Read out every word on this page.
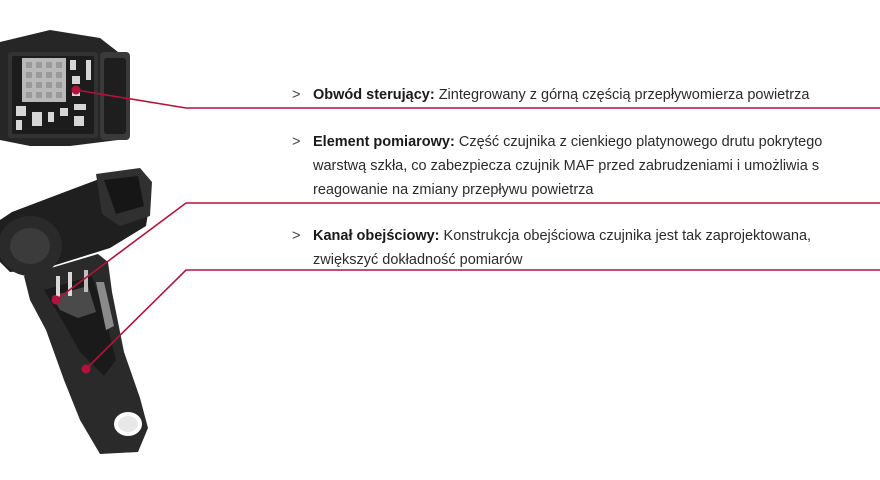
> Obwód sterujący: Zintegrowany z górną częścią przepływomierza powietrza
> Element pomiarowy: Część czujnika z cienkiego platynowego drutu pokrytego
warstwą szkła, co zabezpiecza czujnik MAF przed zabrudzeniami i umożliwia s
reagowanie na zmiany przepływu powietrza
> Kanał obejściowy: Konstrukcja obejściowa czujnika jest tak zaprojektowana,
zwiększyć dokładność pomiarów
